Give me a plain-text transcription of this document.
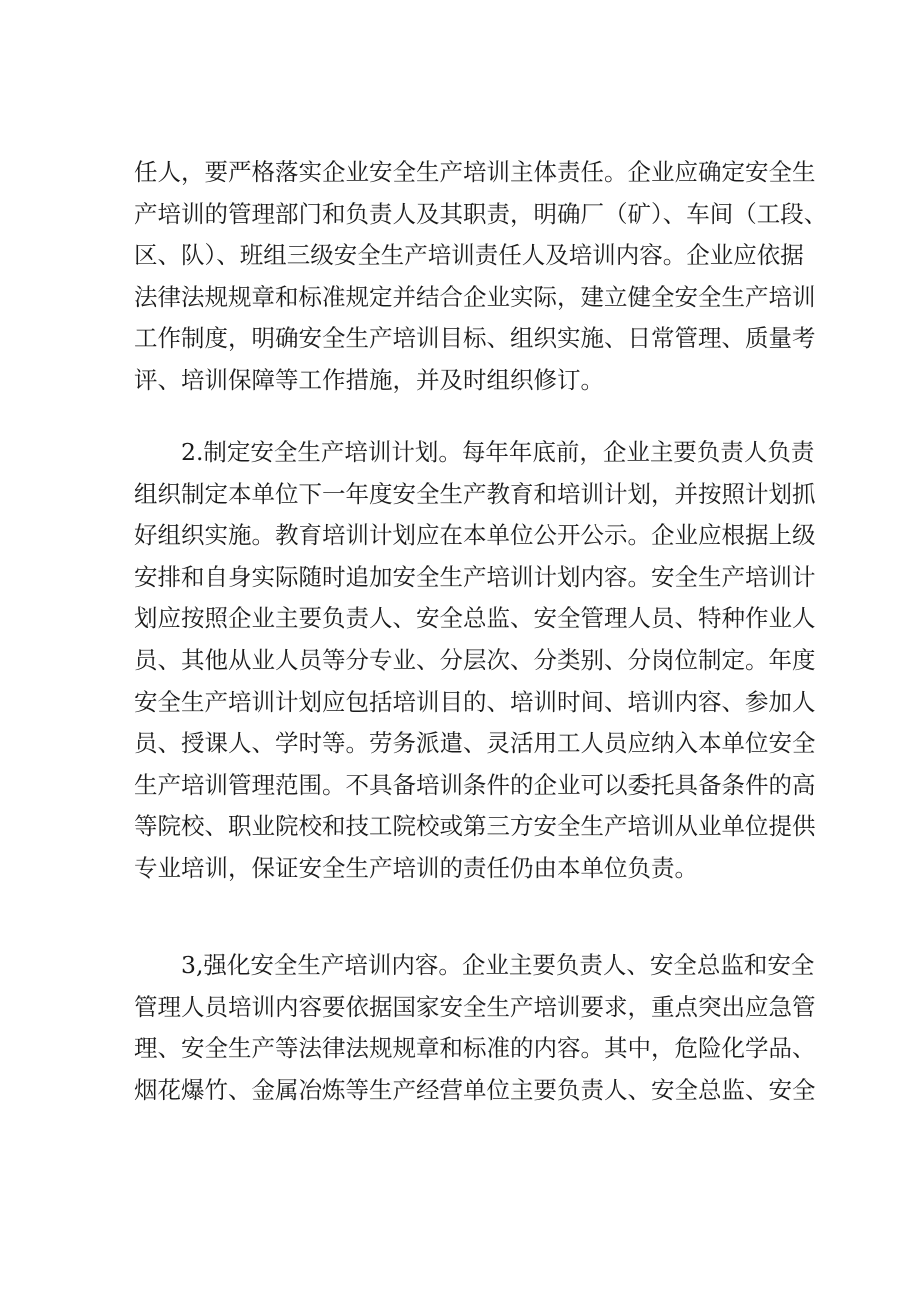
任人，要严格落实企业安全生产培训主体责任。企业应确定安全生
产培训的管理部门和负责人及其职责，明确厂（矿）、车间（工段、
区、队）、班组三级安全生产培训责任人及培训内容。企业应依据
法律法规规章和标准规定并结合企业实际，建立健全安全生产培训
工作制度，明确安全生产培训目标、组织实施、日常管理、质量考
评、培训保障等工作措施，并及时组织修订。
　　2.制定安全生产培训计划。每年年底前，企业主要负责人负责
组织制定本单位下一年度安全生产教育和培训计划，并按照计划抓
好组织实施。教育培训计划应在本单位公开公示。企业应根据上级
安排和自身实际随时追加安全生产培训计划内容。安全生产培训计
划应按照企业主要负责人、安全总监、安全管理人员、特种作业人
员、其他从业人员等分专业、分层次、分类别、分岗位制定。年度
安全生产培训计划应包括培训目的、培训时间、培训内容、参加人
员、授课人、学时等。劳务派遣、灵活用工人员应纳入本单位安全
生产培训管理范围。不具备培训条件的企业可以委托具备条件的高
等院校、职业院校和技工院校或第三方安全生产培训从业单位提供
专业培训，保证安全生产培训的责任仍由本单位负责。
　　3,强化安全生产培训内容。企业主要负责人、安全总监和安全
管理人员培训内容要依据国家安全生产培训要求，重点突出应急管
理、安全生产等法律法规规章和标准的内容。其中，危险化学品、
烟花爆竹、金属冶炼等生产经营单位主要负责人、安全总监、安全
